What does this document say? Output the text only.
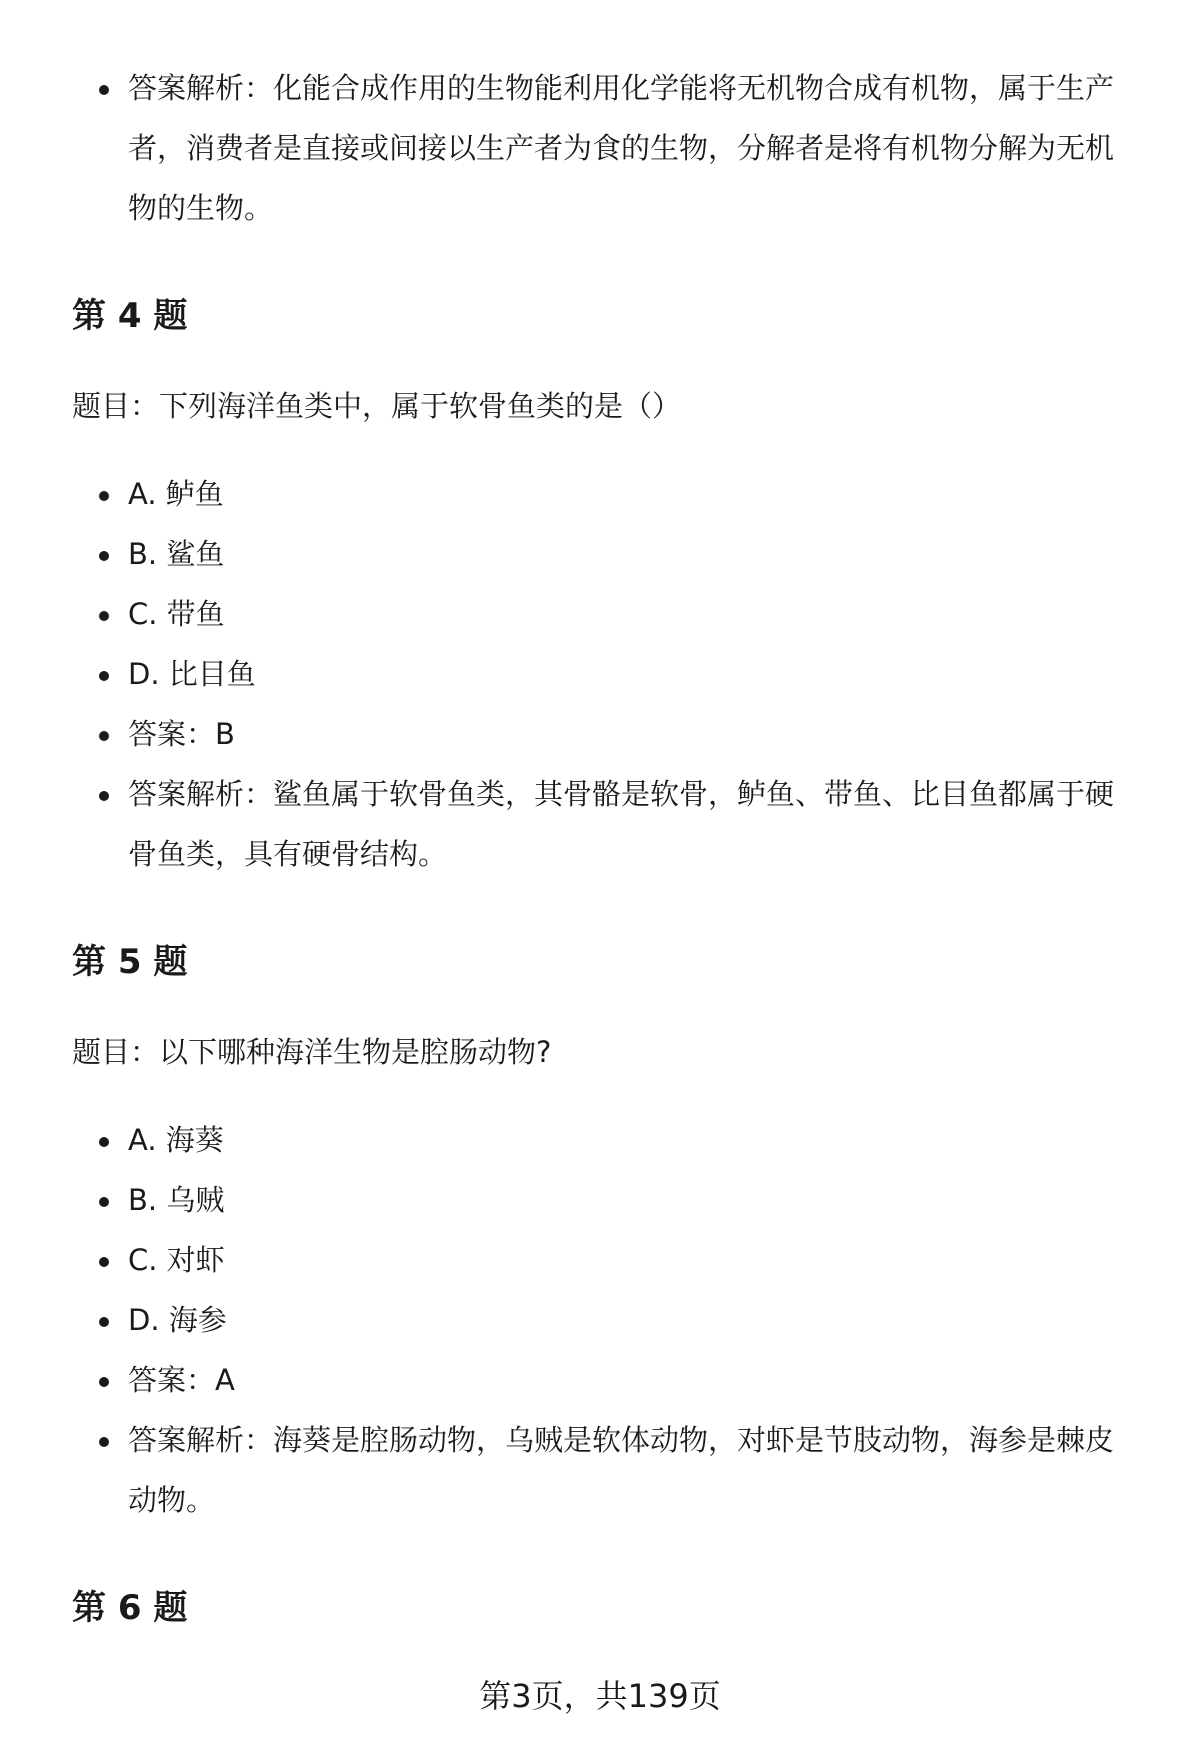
答案解析：化能合成作用的生物能利用化学能将无机物合成有机物，属于生产者，消费者是直接或间接以生产者为食的生物，分解者是将有机物分解为无机物的生物。
第 4 题

题目：下列海洋鱼类中，属于软骨鱼类的是（）

A. 鲈鱼
B. 鲨鱼
C. 带鱼
D. 比目鱼
答案：B
答案解析：鲨鱼属于软骨鱼类，其骨骼是软骨，鲈鱼、带鱼、比目鱼都属于硬骨鱼类，具有硬骨结构。
第 5 题

题目：以下哪种海洋生物是腔肠动物?

A. 海葵
B. 乌贼
C. 对虾
D. 海参
答案：A
答案解析：海葵是腔肠动物，乌贼是软体动物，对虾是节肢动物，海参是棘皮动物。
第 6 题
第3页，共139页
